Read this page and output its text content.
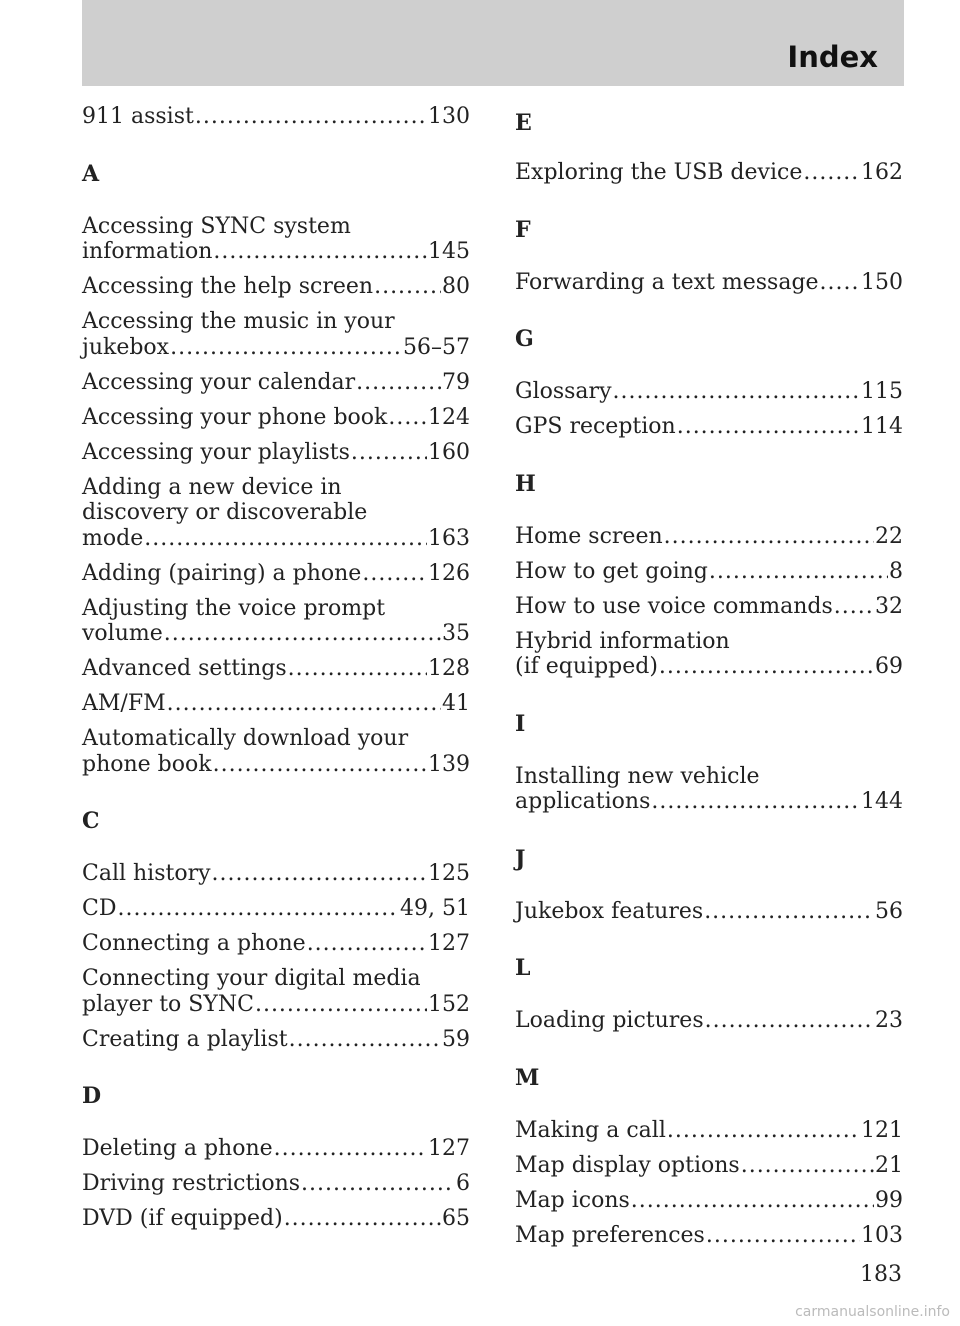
Index
911 assist .....	130
A
Accessing SYNC system
information .....	145
Accessing the help screen .....	80
Accessing the music in your
jukebox .....	56–57
Accessing your calendar .....	79
Accessing your phone book ..... 124
Accessing your playlists .....	160
Adding a new device in
discovery or discoverable
mode .....	163
Adding (pairing) a phone .....	126
Adjusting the voice prompt
volume .....	35
Advanced settings .....	128
AM/FM .....	41
Automatically download your
phone book .....	139
C
Call history .....	125
CD .....	49, 51
Connecting a phone .....	127
Connecting your digital media
player to SYNC .....	152
Creating a playlist .....	59
D
Deleting a phone .....	127
Driving restrictions .....	6
DVD (if equipped) .....	65
E
Exploring the USB device .....	162
F
Forwarding a text message ..... 150
G
Glossary .....	115
GPS reception .....	114
H
Home screen .....	22
How to get going .....	8
How to use voice commands ..... 32
Hybrid information
(if equipped) .....	69
I
Installing new vehicle
applications .....	144
J
Jukebox features .....	56
L
Loading pictures .....	23
M
Making a call .....	121
Map display options .....	21
Map icons .....	99
Map preferences .....	103
183
carmanualsonline.info
